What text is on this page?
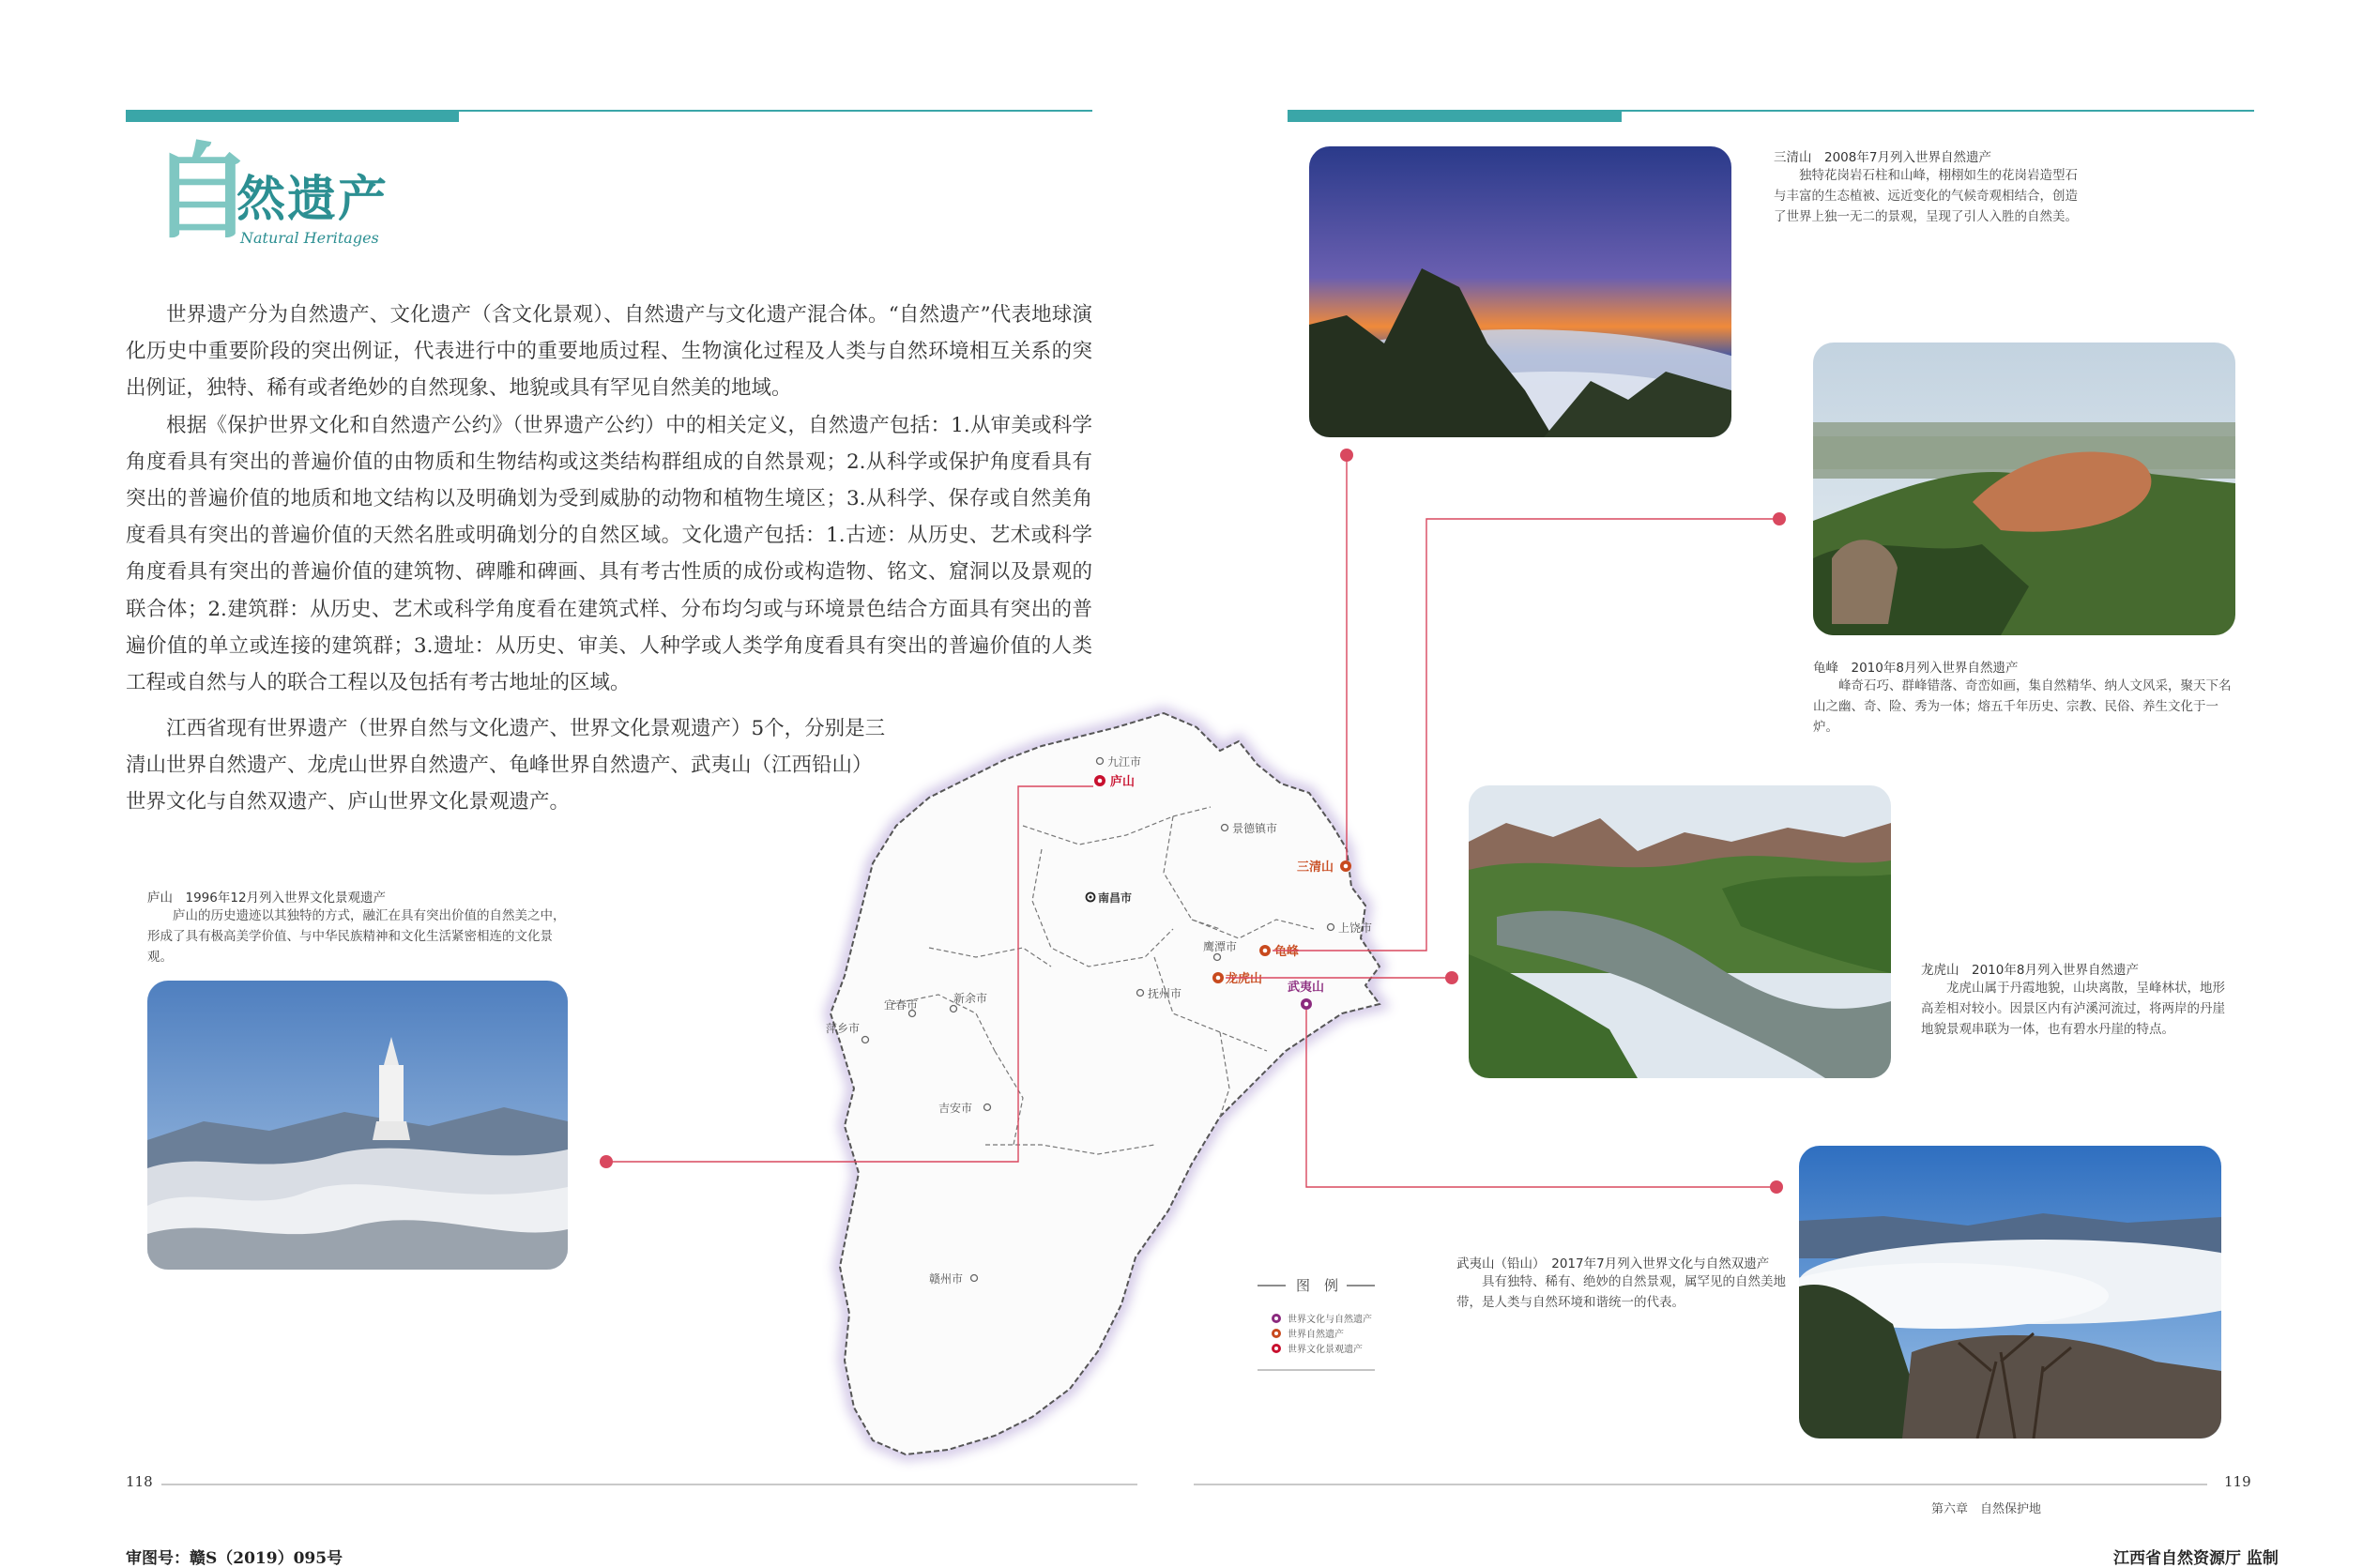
自
然遗产
Natural Heritages

世界遗产分为自然遗产、文化遗产（含文化景观）、自然遗产与文化遗产混合体。“自然遗产”代表地球演化历史中重要阶段的突出例证，代表进行中的重要地质过程、生物演化过程及人类与自然环境相互关系的突出例证，独特、稀有或者绝妙的自然现象、地貌或具有罕见自然美的地域。

根据《保护世界文化和自然遗产公约》（世界遗产公约）中的相关定义，自然遗产包括：1.从审美或科学角度看具有突出的普遍价值的由物质和生物结构或这类结构群组成的自然景观；2.从科学或保护角度看具有突出的普遍价值的地质和地文结构以及明确划为受到威胁的动物和植物生境区；3.从科学、保存或自然美角度看具有突出的普遍价值的天然名胜或明确划分的自然区域。文化遗产包括：1.古迹：从历史、艺术或科学角度看具有突出的普遍价值的建筑物、碑雕和碑画、具有考古性质的成份或构造物、铭文、窟洞以及景观的联合体；2.建筑群：从历史、艺术或科学角度看在建筑式样、分布均匀或与环境景色结合方面具有突出的普遍价值的单立或连接的建筑群；3.遗址：从历史、审美、人种学或人类学角度看具有突出的普遍价值的人类工程或自然与人的联合工程以及包括有考古地址的区域。

江西省现有世界遗产（世界自然与文化遗产、世界文化景观遗产）5个，分别是三
清山世界自然遗产、龙虎山世界自然遗产、龟峰世界自然遗产、武夷山（江西铅山）
世界文化与自然双遗产、庐山世界文化景观遗产。
庐山　1996年12月列入世界文化景观遗产
庐山的历史遗迹以其独特的方式，融汇在具有突出价值的自然美之中，形成了具有极高美学价值、与中华民族精神和文化生活紧密相连的文化景观。
三清山　2008年7月列入世界自然遗产
独特花岗岩石柱和山峰，栩栩如生的花岗岩造型石与丰富的生态植被、远近变化的气候奇观相结合，创造了世界上独一无二的景观，呈现了引人入胜的自然美。
龟峰　2010年8月列入世界自然遗产
峰奇石巧、群峰错落、奇峦如画，集自然精华、纳人文风采，聚天下名山之幽、奇、险、秀为一体；熔五千年历史、宗教、民俗、养生文化于一炉。
龙虎山　2010年8月列入世界自然遗产
龙虎山属于丹霞地貌，山块离散，呈峰林状，地形高差相对较小。因景区内有泸溪河流过，将两岸的丹崖地貌景观串联为一体，也有碧水丹崖的特点。
武夷山（铅山）　2017年7月列入世界文化与自然双遗产
具有独特、稀有、绝妙的自然景观，属罕见的自然美地带，是人类与自然环境和谐统一的代表。
九江市
景德镇市
南昌市
上饶市
鹰潭市
抚州市
宜春市	新余市
萍乡市
吉安市
赣州市
庐山
三清山
龟峰
龙虎山
武夷山
图　例
世界文化与自然遗产
世界自然遗产
世界文化景观遗产
118	119
第六章　自然保护地
审图号：赣S（2019）095号	江西省自然资源厅 监制
